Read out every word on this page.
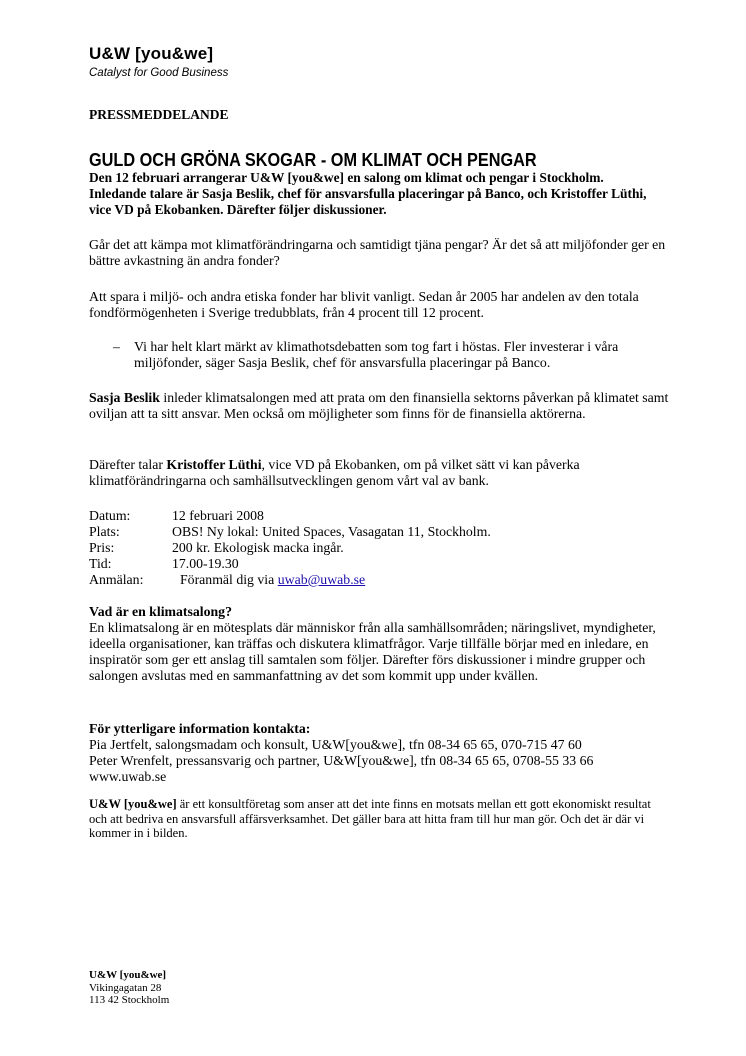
U&W [you&we]
Catalyst for Good Business
PRESSMEDDELANDE
GULD OCH GRÖNA SKOGAR - OM KLIMAT OCH PENGAR

Den 12 februari arrangerar U&W [you&we] en salong om klimat och pengar i Stockholm. Inledande talare är Sasja Beslik, chef för ansvarsfulla placeringar på Banco, och Kristoffer Lüthi, vice VD på Ekobanken. Därefter följer diskussioner.

Går det att kämpa mot klimatförändringarna och samtidigt tjäna pengar? Är det så att miljöfonder ger en bättre avkastning än andra fonder?

Att spara i miljö- och andra etiska fonder har blivit vanligt. Sedan år 2005 har andelen av den totala fondförmögenheten i Sverige tredubblats, från 4 procent till 12 procent.

– Vi har helt klart märkt av klimathotsdebatten som tog fart i höstas. Fler investerar i våra miljöfonder, säger Sasja Beslik, chef för ansvarsfulla placeringar på Banco.

Sasja Beslik inleder klimatsalongen med att prata om den finansiella sektorns påverkan på klimatet samt oviljan att ta sitt ansvar. Men också om möjligheter som finns för de finansiella aktörerna.

Därefter talar Kristoffer Lüthi, vice VD på Ekobanken, om på vilket sätt vi kan påverka klimatförändringarna och samhällsutvecklingen genom vårt val av bank.

Datum:	12 februari 2008
Plats:	OBS! Ny lokal: United Spaces, Vasagatan 11, Stockholm.
Pris:	200 kr. Ekologisk macka ingår.
Tid:	17.00-19.30
Anmälan:	Föranmäl dig via uwab@uwab.se
Vad är en klimatsalong?

En klimatsalong är en mötesplats där människor från alla samhällsområden; näringslivet, myndigheter, ideella organisationer, kan träffas och diskutera klimatfrågor. Varje tillfälle börjar med en inledare, en inspiratör som ger ett anslag till samtalen som följer. Därefter förs diskussioner i mindre grupper och salongen avslutas med en sammanfattning av det som kommit upp under kvällen.

För ytterligare information kontakta:
Pia Jertfelt, salongsmadam och konsult, U&W[you&we], tfn 08-34 65 65, 070-715 47 60
Peter Wrenfelt, pressansvarig och partner, U&W[you&we], tfn 08-34 65 65, 0708-55 33 66
www.uwab.se

U&W [you&we] är ett konsultföretag som anser att det inte finns en motsats mellan ett gott ekonomiskt resultat och att bedriva en ansvarsfull affärsverksamhet. Det gäller bara att hitta fram till hur man gör. Och det är där vi kommer in i bilden.

U&W [you&we]
Vikingagatan 28
113 42 Stockholm
